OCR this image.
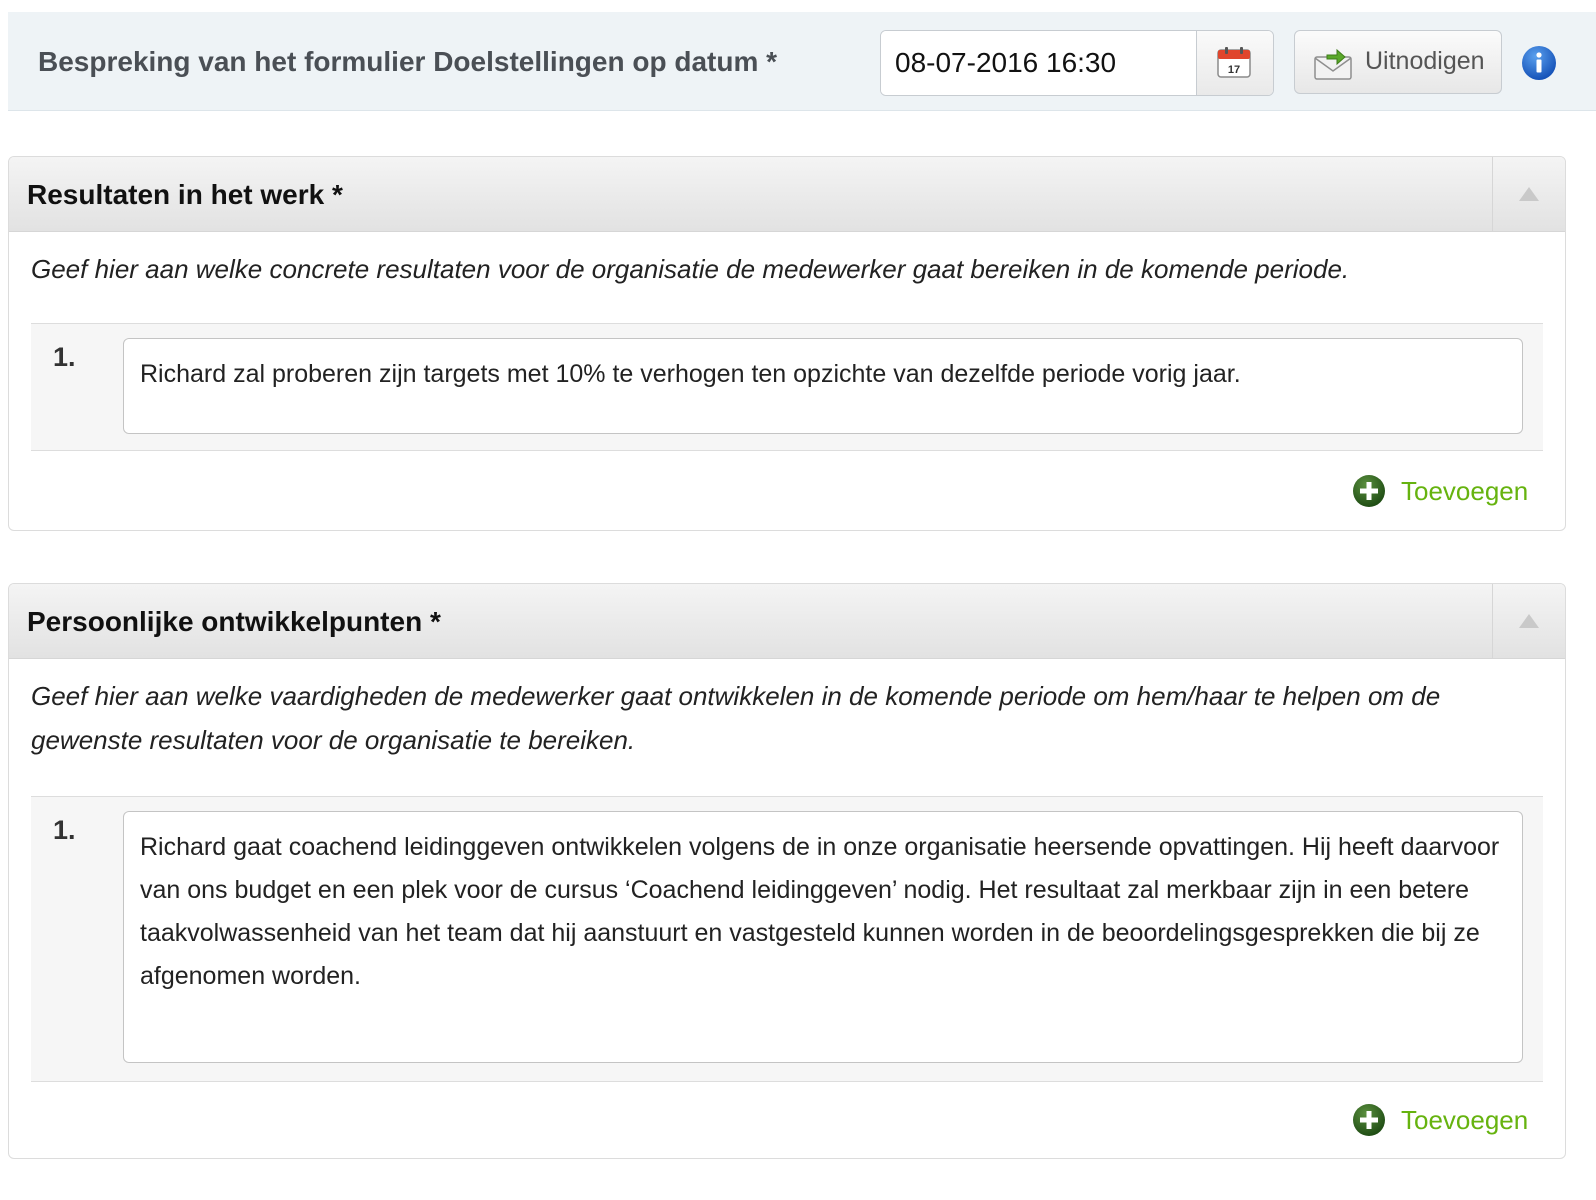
Bespreking van het formulier Doelstellingen op datum *
08-07-2016 16:30	17	Uitnodigen
Resultaten in het werk *
Geef hier aan welke concrete resultaten voor de organisatie de medewerker gaat bereiken in de komende periode.
1.
Richard zal proberen zijn targets met 10% te verhogen ten opzichte van dezelfde periode vorig jaar.
Toevoegen
Persoonlijke ontwikkelpunten *
Geef hier aan welke vaardigheden de medewerker gaat ontwikkelen in de komende periode om hem/haar te helpen om de gewenste resultaten voor de organisatie te bereiken.
1.
Richard gaat coachend leidinggeven ontwikkelen volgens de in onze organisatie heersende opvattingen. Hij heeft daarvoor van ons budget en een plek voor de cursus ‘Coachend leidinggeven’ nodig. Het resultaat zal merkbaar zijn in een betere taakvolwassenheid van het team dat hij aanstuurt en vastgesteld kunnen worden in de beoordelingsgesprekken die bij ze afgenomen worden.
Toevoegen
